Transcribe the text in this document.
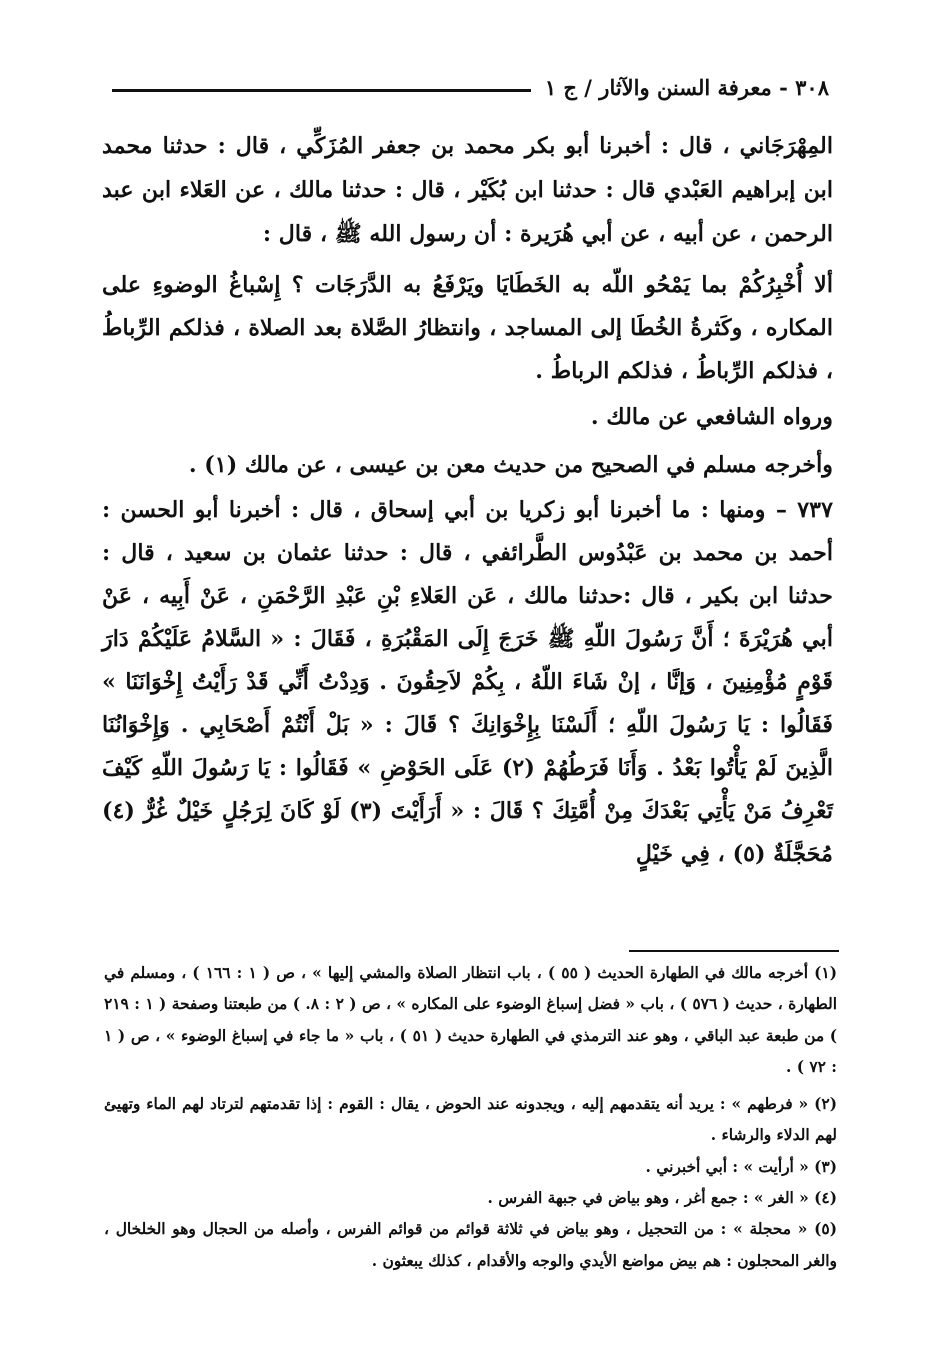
٣٠٨ - معرفة السنن والآثار / ج ١

المِهْرَجَاني ، قال : أخبرنا أبو بكر محمد بن جعفر المُزَكِّي ، قال : حدثنا محمد ابن إبراهيم العَبْدي قال : حدثنا ابن بُكَيْر ، قال : حدثنا مالك ، عن العَلاء ابن عبد الرحمن ، عن أبيه ، عن أبي هُرَيرة : أن رسول الله ﷺ ، قال :

ألا أُخْبِرُكُمْ بما يَمْحُو اللّه به الخَطَايَا ويَرْفَعُ به الدَّرَجَات ؟ إِسْباغُ الوضوءِ على المكاره ، وكَثرةُ الخُطَا إلى المساجد ، وانتظارُ الصَّلاة بعد الصلاة ، فذلكم الرِّباطُ ، فذلكم الرِّباطُ ، فذلكم الرباطُ .

ورواه الشافعي عن مالك .

وأخرجه مسلم في الصحيح من حديث معن بن عيسى ، عن مالك (١) .

٧٣٧ – ومنها : ما أخبرنا أبو زكريا بن أبي إسحاق ، قال : أخبرنا أبو الحسن : أحمد بن محمد بن عَبْدُوس الطَّرائفي ، قال : حدثنا عثمان بن سعيد ، قال : حدثنا ابن بكير ، قال :حدثنا مالك ، عَن العَلاءِ بْنِ عَبْدِ الرَّحْمَنِ ، عَنْ أَبِيه ، عَنْ أبي هُرَيْرَةَ ؛ أَنَّ رَسُولَ اللّهِ ﷺ خَرَجَ إِلَى المَقْبُرَةِ ، فَقَالَ : « السَّلامُ عَلَيْكُمْ دَارَ قَوْمٍ مُؤْمِنِينَ ، وَإنَّا ، إنْ شَاءَ اللّهُ ، بِكُمْ لاَحِقُونَ . وَدِدْتُ أَنِّي قَدْ رَأَيْتُ إِخْوَانَنَا » فَقَالُوا : يَا رَسُولَ اللّهِ ؛ أَلَسْنَا بِإِخْوَانِكَ ؟ قَالَ : « بَلْ أَنْتُمْ أَصْحَابِي . وَإِخْوَانُنَا الَّذِينَ لَمْ يَأْتُوا بَعْدُ . وَأَنَا فَرَطُهُمْ (٢) عَلَى الحَوْضِ » فَقَالُوا : يَا رَسُولَ اللّهِ كَيْفَ تَعْرِفُ مَنْ يَأْتِي بَعْدَكَ مِنْ أُمَّتِكَ ؟ قَالَ : « أَرَأَيْتَ (٣) لَوْ كَانَ لِرَجُلٍ خَيْلٌ غُرٌّ (٤) مُحَجَّلَةٌ (٥) ، فِي خَيْلٍ

(١) أخرجه مالك في الطهارة الحديث ( ٥٥ ) ، باب انتظار الصلاة والمشي إليها » ، ص ( ١ : ١٦٦ ) ، ومسلم في الطهارة ، حديث ( ٥٧٦ ) ، باب « فضل إسباغ الوضوء على المكاره » ، ص ( ٢ : ٨. ) من طبعتنا وصفحة ( ١ : ٢١٩ ) من طبعة عبد الباقي ، وهو عند الترمذي في الطهارة حديث ( ٥١ ) ، باب « ما جاء في إسباغ الوضوء » ، ص ( ١ : ٧٢ ) .

(٢) « فرطهم » : يريد أنه يتقدمهم إليه ، ويجدونه عند الحوض ، يقال : القوم : إذا تقدمتهم لترتاد لهم الماء وتهيئ لهم الدلاء والرشاء .

(٣) « أرأيت » : أبي أخبرني .

(٤) « الغر » : جمع أغر ، وهو بياض في جبهة الفرس .

(٥) « محجلة » : من التحجيل ، وهو بياض في ثلاثة قوائم من قوائم الفرس ، وأصله من الحجال وهو الخلخال ، والغر المحجلون : هم بيض مواضع الأيدي والوجه والأقدام ، كذلك يبعثون .
